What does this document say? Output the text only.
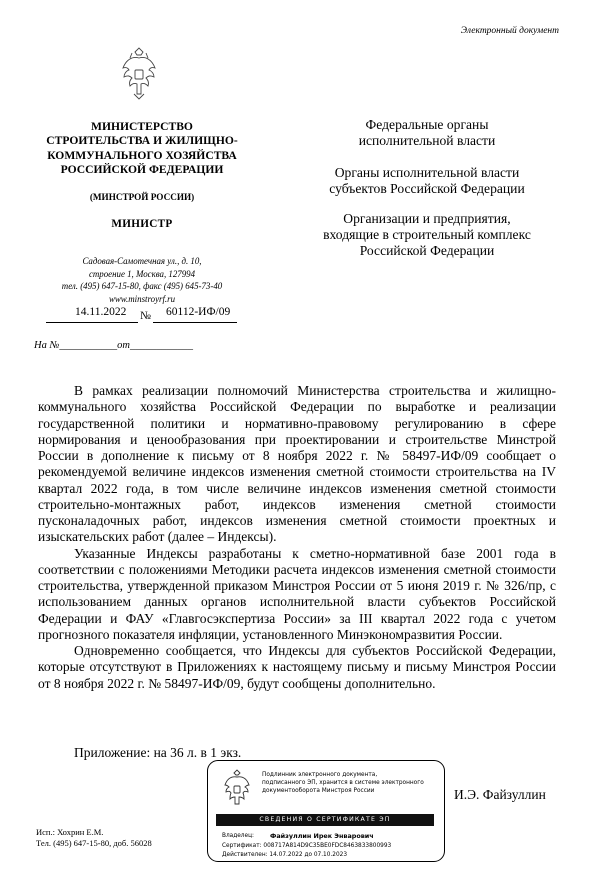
Электронный документ
МИНИСТЕРСТВО
СТРОИТЕЛЬСТВА И ЖИЛИЩНО-
КОММУНАЛЬНОГО ХОЗЯЙСТВА
РОССИЙСКОЙ ФЕДЕРАЦИИ
(МИНСТРОЙ РОССИИ)
МИНИСТР
Садовая-Самотечная ул., д. 10,
строение 1, Москва, 127994
тел. (495) 647-15-80, факс (495) 645-73-40
www.minstroyrf.ru
14.11.2022 № 60112-ИФ/09
На №___________от____________
Федеральные органы
исполнительной власти
Органы исполнительной власти
субъектов Российской Федерации
Организации и предприятия,
входящие в строительный комплекс
Российской Федерации

В рамках реализации полномочий Министерства строительства и жилищно-коммунального хозяйства Российской Федерации по выработке и реализации государственной политики и нормативно-правовому регулированию в сфере нормирования и ценообразования при проектировании и строительстве Минстрой России в дополнение к письму от 8 ноября 2022 г. № 58497-ИФ/09 сообщает о рекомендуемой величине индексов изменения сметной стоимости строительства на IV квартал 2022 года, в том числе величине индексов изменения сметной стоимости строительно-монтажных работ, индексов изменения сметной стоимости пусконаладочных работ, индексов изменения сметной стоимости проектных и изыскательских работ (далее – Индексы).

Указанные Индексы разработаны к сметно-нормативной базе 2001 года в соответствии с положениями Методики расчета индексов изменения сметной стоимости строительства, утвержденной приказом Минстроя России от 5 июня 2019 г. № 326/пр, с использованием данных органов исполнительной власти субъектов Российской Федерации и ФАУ «Главгосэкспертиза России» за III квартал 2022 года с учетом прогнозного показателя инфляции, установленного Минэкономразвития России.

Одновременно сообщается, что Индексы для субъектов Российской Федерации, которые отсутствуют в Приложениях к настоящему письму и письму Минстроя России от 8 ноября 2022 г. № 58497-ИФ/09, будут сообщены дополнительно.

Приложение: на 36 л. в 1 экз.
Подлинник электронного документа,
подписанного ЭП, хранится в системе электронного
документооборота Минстроя России
СВЕДЕНИЯ О СЕРТИФИКАТЕ ЭП
Владелец:	Файзуллин Ирек Энварович
Сертификат: 008717A814D9C35BE0FDC8463833800993
Действителен: 14.07.2022 до 07.10.2023
И.Э. Файзуллин
Исп.: Хохрин Е.М.
Тел. (495) 647-15-80, доб. 56028
